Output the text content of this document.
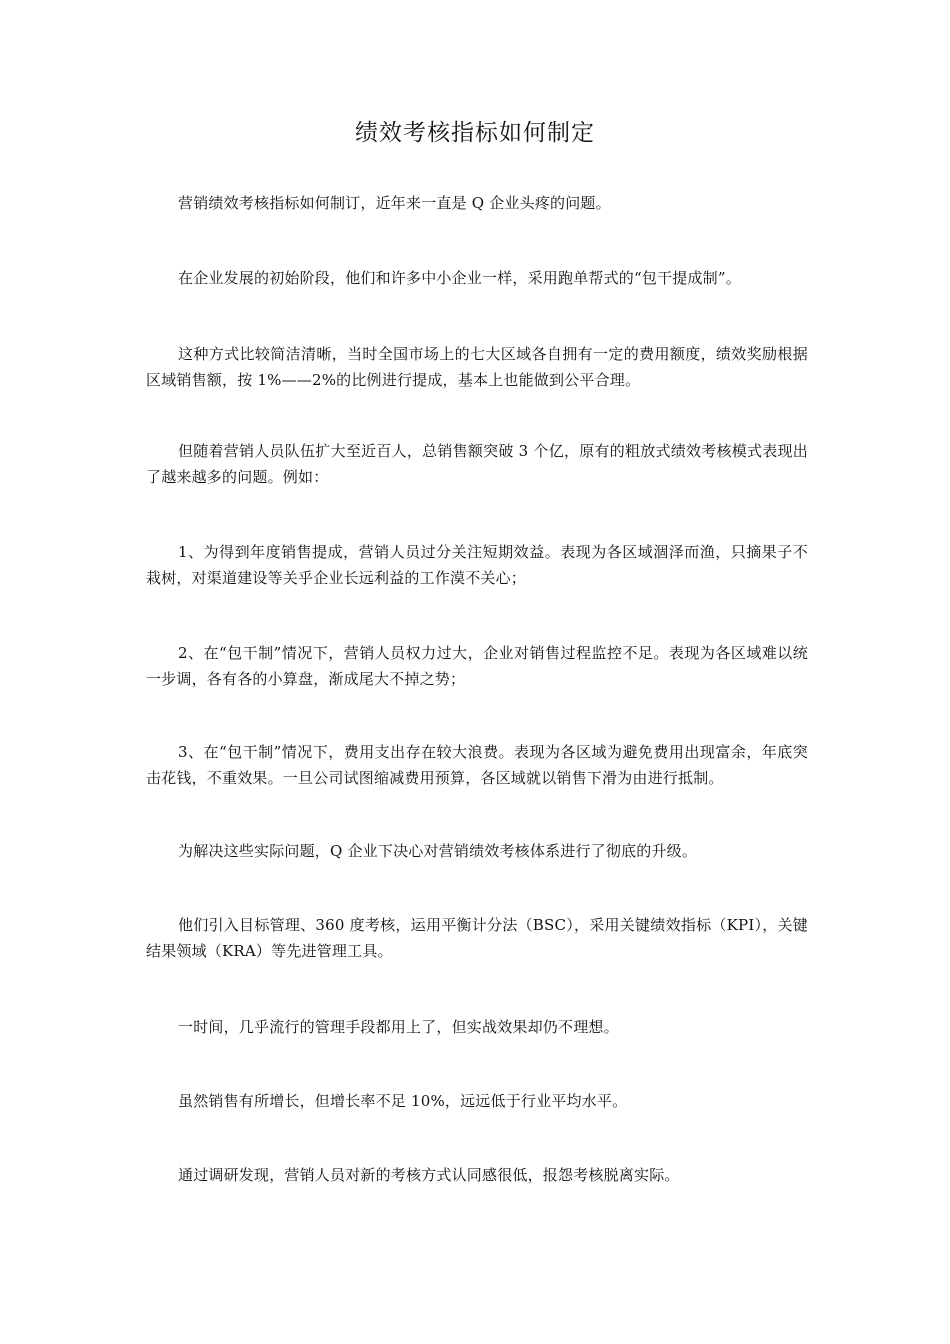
绩效考核指标如何制定

营销绩效考核指标如何制订，近年来一直是 Q 企业头疼的问题。

在企业发展的初始阶段，他们和许多中小企业一样，采用跑单帮式的“包干提成制”。

这种方式比较简洁清晰，当时全国市场上的七大区域各自拥有一定的费用额度，绩效奖励根据区域销售额，按 1%——2%的比例进行提成，基本上也能做到公平合理。

但随着营销人员队伍扩大至近百人，总销售额突破 3 个亿，原有的粗放式绩效考核模式表现出了越来越多的问题。例如：

1、为得到年度销售提成，营销人员过分关注短期效益。表现为各区域涸泽而渔，只摘果子不栽树，对渠道建设等关乎企业长远利益的工作漠不关心；

2、在“包干制”情况下，营销人员权力过大，企业对销售过程监控不足。表现为各区域难以统一步调，各有各的小算盘，渐成尾大不掉之势；

3、在“包干制”情况下，费用支出存在较大浪费。表现为各区域为避免费用出现富余，年底突击花钱，不重效果。一旦公司试图缩减费用预算，各区域就以销售下滑为由进行抵制。

为解决这些实际问题，Q 企业下决心对营销绩效考核体系进行了彻底的升级。

他们引入目标管理、360 度考核，运用平衡计分法（BSC），采用关键绩效指标（KPI），关键结果领域（KRA）等先进管理工具。

一时间，几乎流行的管理手段都用上了，但实战效果却仍不理想。

虽然销售有所增长，但增长率不足 10%，远远低于行业平均水平。

通过调研发现，营销人员对新的考核方式认同感很低，报怨考核脱离实际。
